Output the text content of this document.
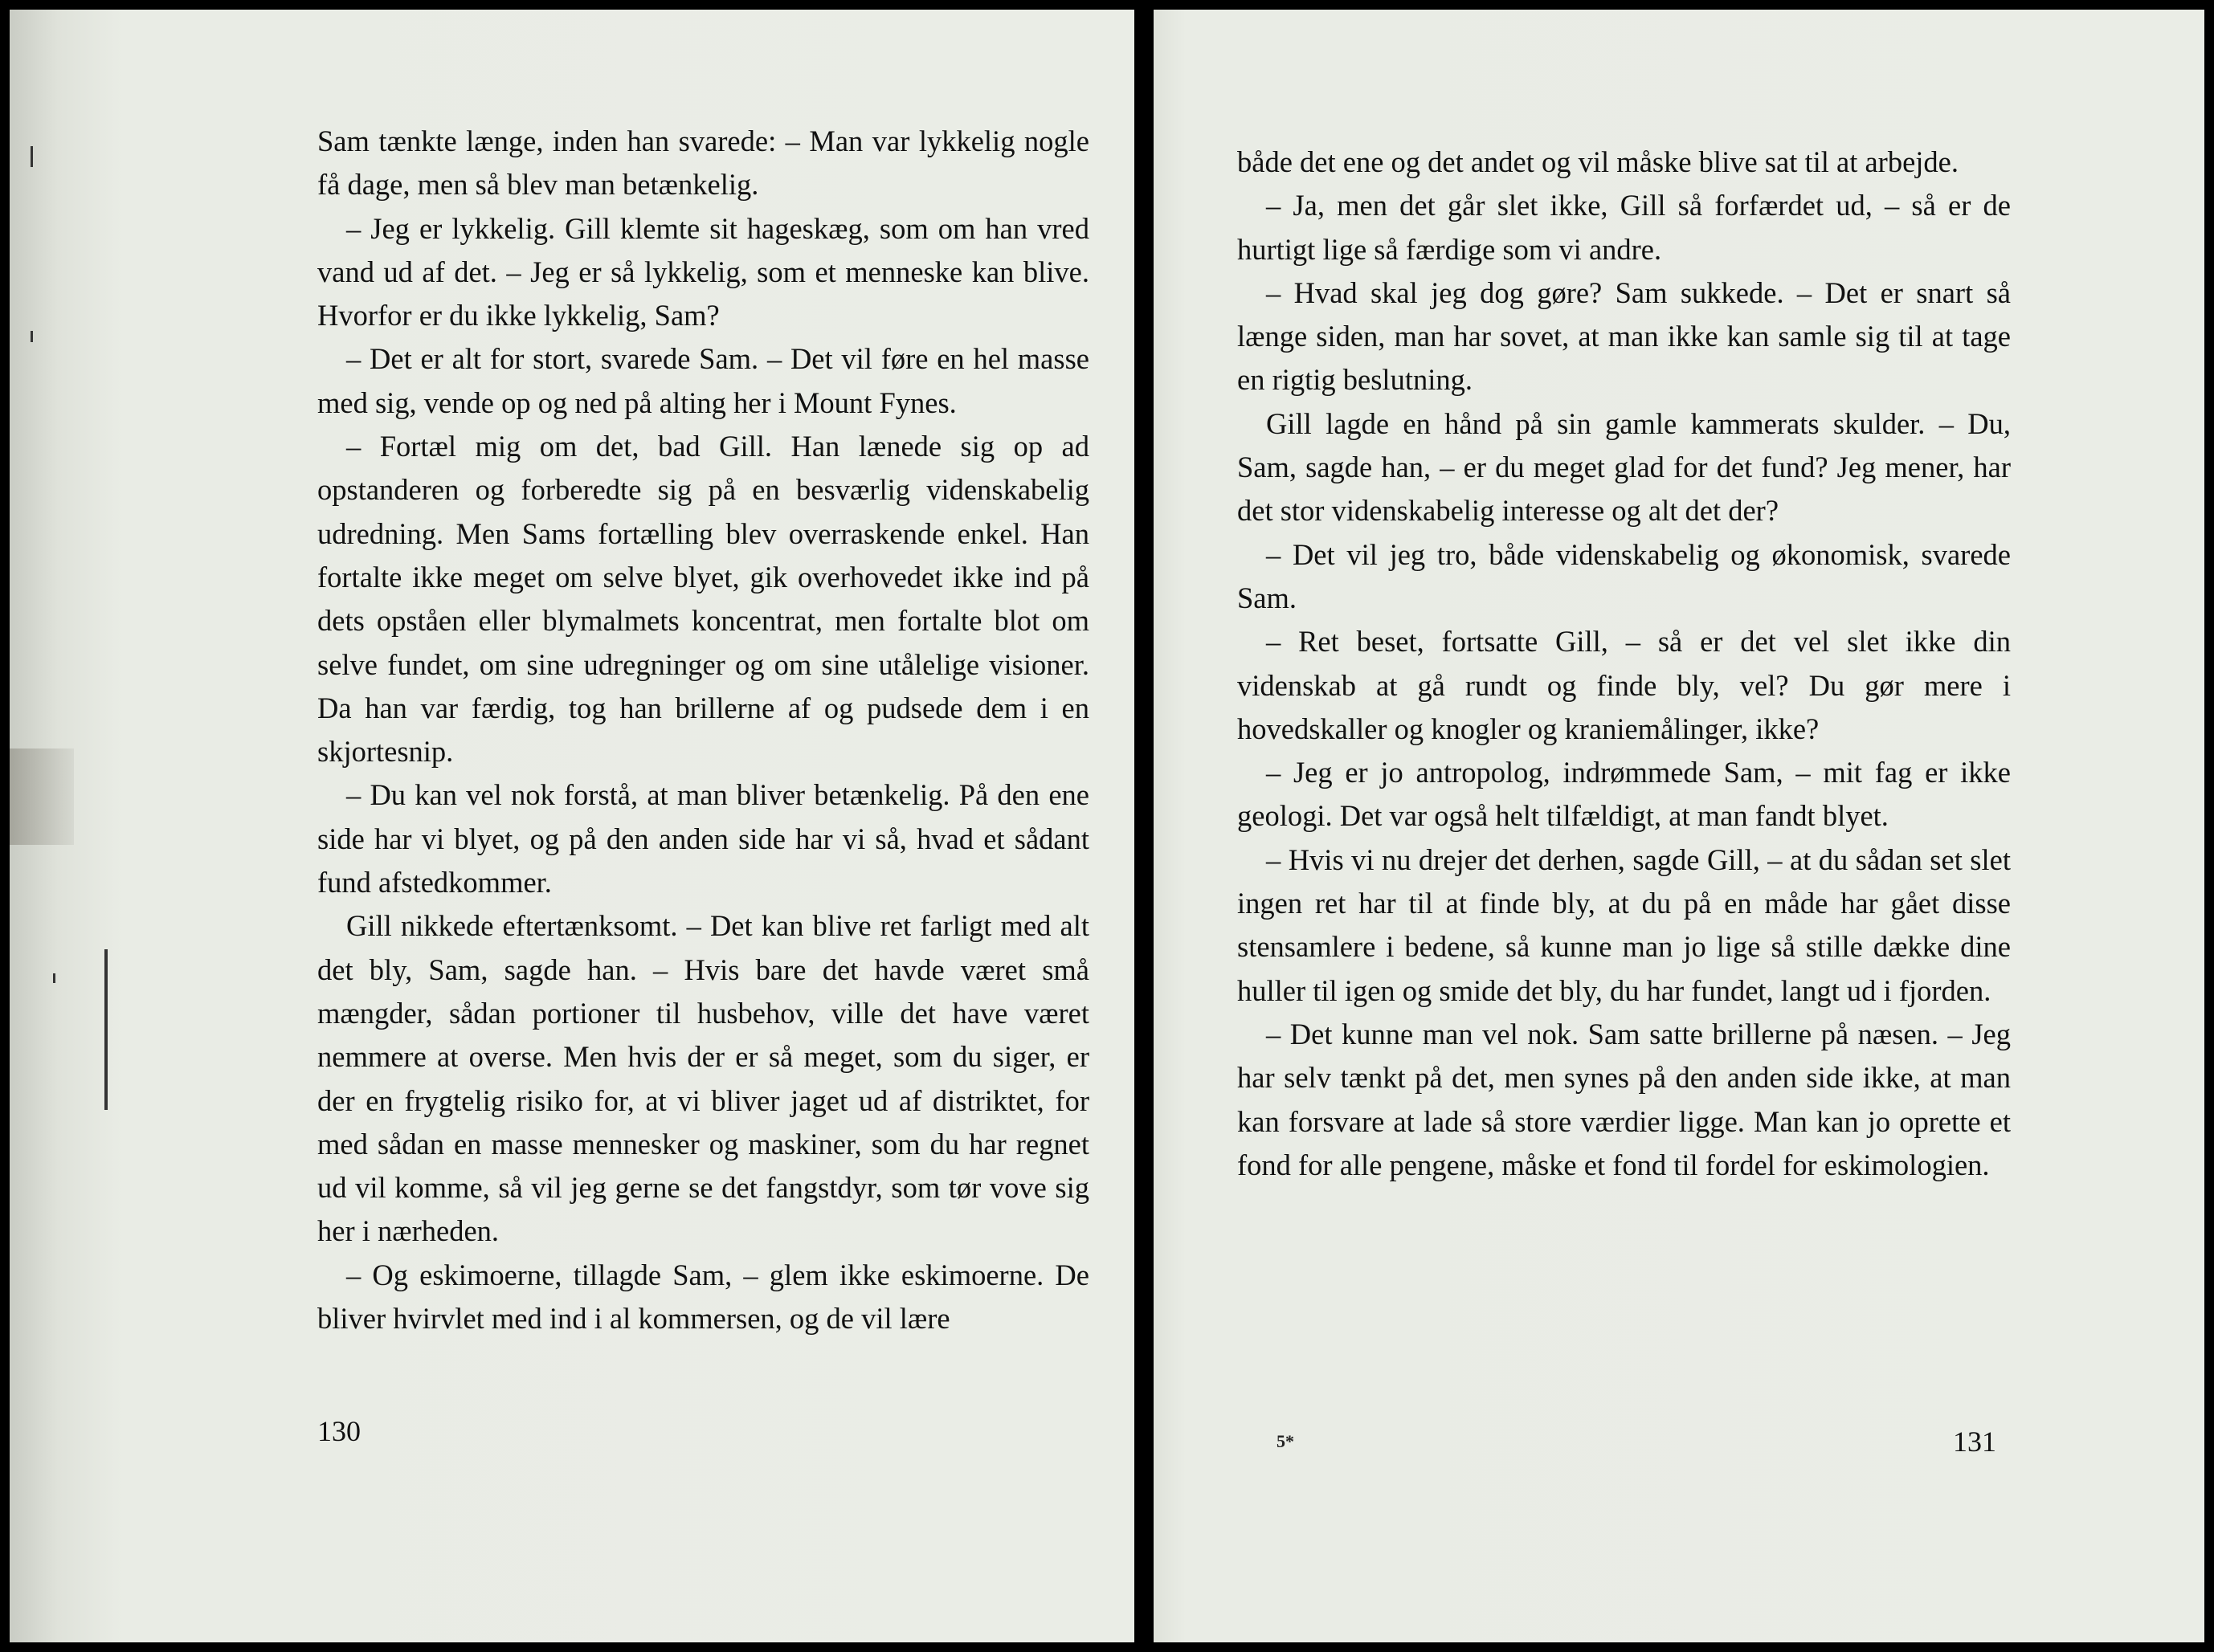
Sam tænkte længe, inden han svarede: – Man var lykkelig nogle få dage, men så blev man betænkelig.

– Jeg er lykkelig. Gill klemte sit hageskæg, som om han vred vand ud af det. – Jeg er så lykkelig, som et menneske kan blive. Hvorfor er du ikke lykkelig, Sam?

– Det er alt for stort, svarede Sam. – Det vil føre en hel masse med sig, vende op og ned på alting her i Mount Fynes.

– Fortæl mig om det, bad Gill. Han lænede sig op ad opstanderen og forberedte sig på en besværlig videnskabelig udredning. Men Sams fortælling blev overraskende enkel. Han fortalte ikke meget om selve blyet, gik overhovedet ikke ind på dets opståen eller blymalmets koncentrat, men fortalte blot om selve fundet, om sine udregninger og om sine utålelige visioner. Da han var færdig, tog han brillerne af og pudsede dem i en skjortesnip.

– Du kan vel nok forstå, at man bliver betænkelig. På den ene side har vi blyet, og på den anden side har vi så, hvad et sådant fund afstedkommer.

Gill nikkede eftertænksomt. – Det kan blive ret farligt med alt det bly, Sam, sagde han. – Hvis bare det havde været små mængder, sådan portioner til husbehov, ville det have været nemmere at overse. Men hvis der er så meget, som du siger, er der en frygtelig risiko for, at vi bliver jaget ud af distriktet, for med sådan en masse mennesker og maskiner, som du har regnet ud vil komme, så vil jeg gerne se det fangstdyr, som tør vove sig her i nærheden.

– Og eskimoerne, tillagde Sam, – glem ikke eskimoerne. De bliver hvirvlet med ind i al kommersen, og de vil lære

130

både det ene og det andet og vil måske blive sat til at arbejde.

– Ja, men det går slet ikke, Gill så forfærdet ud, – så er de hurtigt lige så færdige som vi andre.

– Hvad skal jeg dog gøre? Sam sukkede. – Det er snart så længe siden, man har sovet, at man ikke kan samle sig til at tage en rigtig beslutning.

Gill lagde en hånd på sin gamle kammerats skulder. – Du, Sam, sagde han, – er du meget glad for det fund? Jeg mener, har det stor videnskabelig interesse og alt det der?

– Det vil jeg tro, både videnskabelig og økonomisk, svarede Sam.

– Ret beset, fortsatte Gill, – så er det vel slet ikke din videnskab at gå rundt og finde bly, vel? Du gør mere i hovedskaller og knogler og kraniemålinger, ikke?

– Jeg er jo antropolog, indrømmede Sam, – mit fag er ikke geologi. Det var også helt tilfældigt, at man fandt blyet.

– Hvis vi nu drejer det derhen, sagde Gill, – at du sådan set slet ingen ret har til at finde bly, at du på en måde har gået disse stensamlere i bedene, så kunne man jo lige så stille dække dine huller til igen og smide det bly, du har fundet, langt ud i fjorden.

– Det kunne man vel nok. Sam satte brillerne på næsen. – Jeg har selv tænkt på det, men synes på den anden side ikke, at man kan forsvare at lade så store værdier ligge. Man kan jo oprette et fond for alle pengene, måske et fond til fordel for eskimologien.

5*	131
